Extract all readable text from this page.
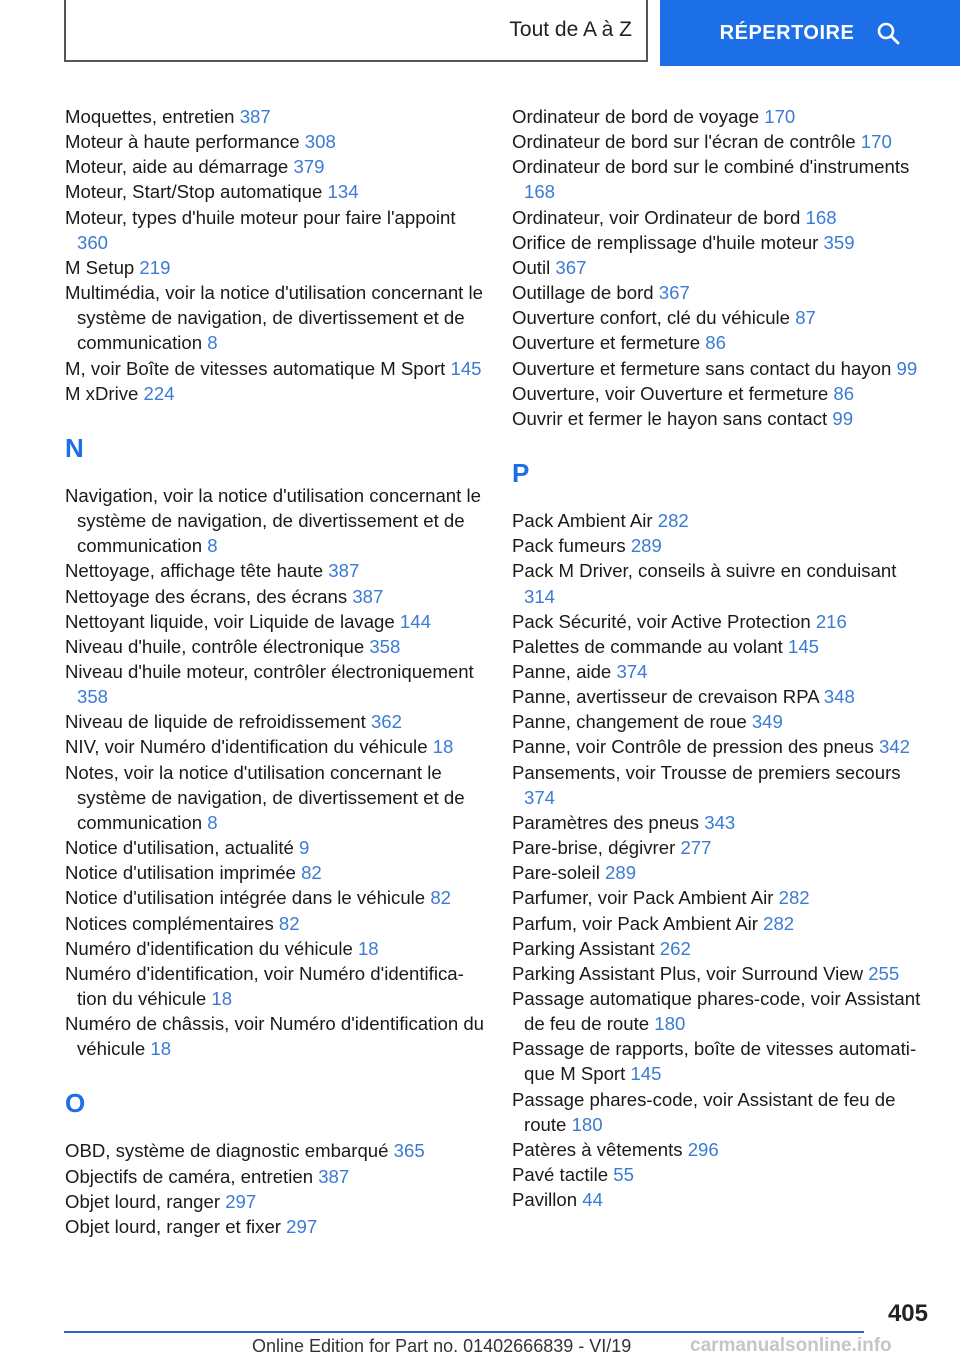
Tout de A à Z	RÉPERTOIRE

Moquettes, entretien 387

Moteur à haute performance 308

Moteur, aide au démarrage 379

Moteur, Start/Stop automatique 134

Moteur, types d'huile moteur pour faire l'appoint 360

M Setup 219

Multimédia, voir la notice d'utilisation concernant le système de navigation, de divertissement et de communication 8

M, voir Boîte de vitesses automatique M Sport 145

M xDrive 224

N

Navigation, voir la notice d'utilisation concernant le système de navigation, de divertissement et de communication 8

Nettoyage, affichage tête haute 387

Nettoyage des écrans, des écrans 387

Nettoyant liquide, voir Liquide de lavage 144

Niveau d'huile, contrôle électronique 358

Niveau d'huile moteur, contrôler électroniquement 358

Niveau de liquide de refroidissement 362

NIV, voir Numéro d'identification du véhicule 18

Notes, voir la notice d'utilisation concernant le système de navigation, de divertissement et de communication 8

Notice d'utilisation, actualité 9

Notice d'utilisation imprimée 82

Notice d'utilisation intégrée dans le véhicule 82

Notices complémentaires 82

Numéro d'identification du véhicule 18

Numéro d'identification, voir Numéro d'identification du véhicule 18

Numéro de châssis, voir Numéro d'identification du véhicule 18

O

OBD, système de diagnostic embarqué 365

Objectifs de caméra, entretien 387

Objet lourd, ranger 297

Objet lourd, ranger et fixer 297

Ordinateur de bord de voyage 170

Ordinateur de bord sur l'écran de contrôle 170

Ordinateur de bord sur le combiné d'instruments 168

Ordinateur, voir Ordinateur de bord 168

Orifice de remplissage d'huile moteur 359

Outil 367

Outillage de bord 367

Ouverture confort, clé du véhicule 87

Ouverture et fermeture 86

Ouverture et fermeture sans contact du hayon 99

Ouverture, voir Ouverture et fermeture 86

Ouvrir et fermer le hayon sans contact 99

P

Pack Ambient Air 282

Pack fumeurs 289

Pack M Driver, conseils à suivre en conduisant 314

Pack Sécurité, voir Active Protection 216

Palettes de commande au volant 145

Panne, aide 374

Panne, avertisseur de crevaison RPA 348

Panne, changement de roue 349

Panne, voir Contrôle de pression des pneus 342

Pansements, voir Trousse de premiers secours 374

Paramètres des pneus 343

Pare-brise, dégivrer 277

Pare-soleil 289

Parfumer, voir Pack Ambient Air 282

Parfum, voir Pack Ambient Air 282

Parking Assistant 262

Parking Assistant Plus, voir Surround View 255

Passage automatique phares-code, voir Assistant de feu de route 180

Passage de rapports, boîte de vitesses automatique M Sport 145

Passage phares-code, voir Assistant de feu de route 180

Patères à vêtements 296

Pavé tactile 55

Pavillon 44

405
Online Edition for Part no. 01402666839 - VI/19	carmanualsonline.info
